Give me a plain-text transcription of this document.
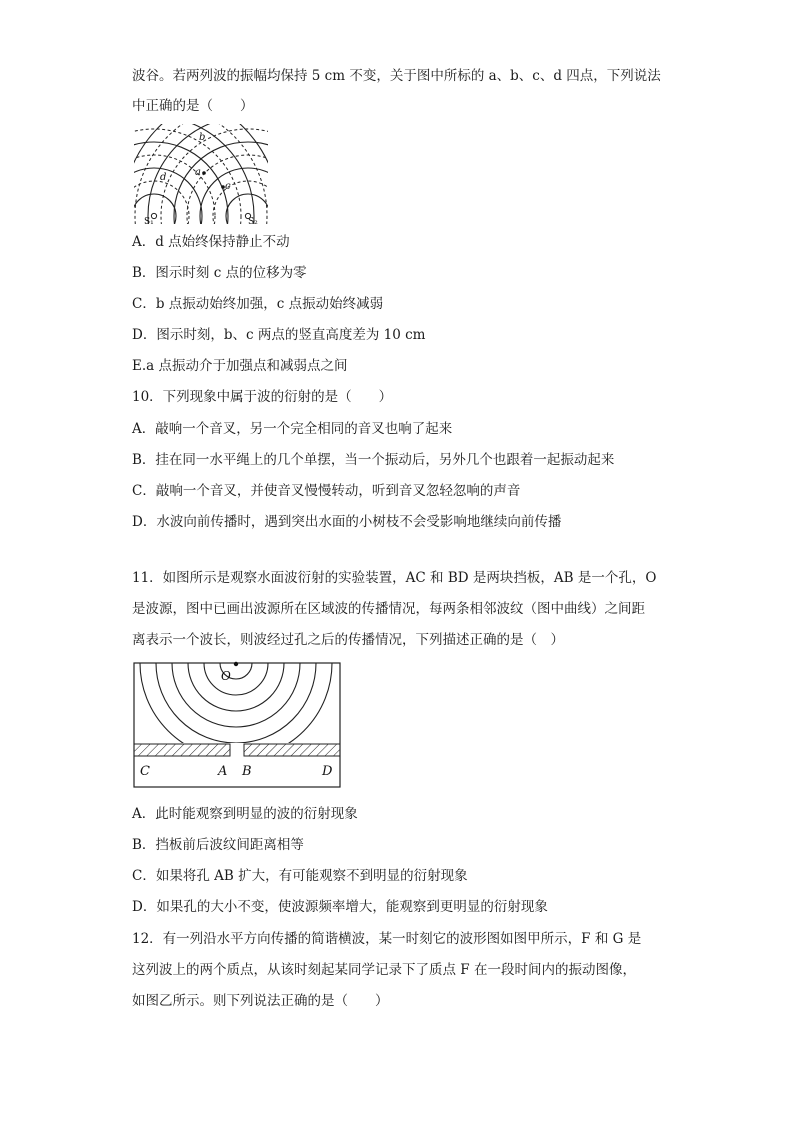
波谷。若两列波的振幅均保持 5 cm 不变，关于图中所标的 a、b、c、d 四点，下列说法
中正确的是（　　）
b
a
c
d
S₁	S₂
A．d 点始终保持静止不动
B．图示时刻 c 点的位移为零
C．b 点振动始终加强，c 点振动始终减弱
D．图示时刻，b、c 两点的竖直高度差为 10 cm
E.a 点振动介于加强点和减弱点之间
10．下列现象中属于波的衍射的是（　　）
A．敲响一个音叉，另一个完全相同的音叉也响了起来
B．挂在同一水平绳上的几个单摆，当一个振动后，另外几个也跟着一起振动起来
C．敲响一个音叉，并使音叉慢慢转动，听到音叉忽轻忽响的声音
D．水波向前传播时，遇到突出水面的小树枝不会受影响地继续向前传播
11．如图所示是观察水面波衍射的实验装置，AC 和 BD 是两块挡板，AB 是一个孔，O
是波源，图中已画出波源所在区域波的传播情况，每两条相邻波纹（图中曲线）之间距
离表示一个波长，则波经过孔之后的传播情况，下列描述正确的是（　）
O
C	A B	D
A．此时能观察到明显的波的衍射现象
B．挡板前后波纹间距离相等
C．如果将孔 AB 扩大，有可能观察不到明显的衍射现象
D．如果孔的大小不变，使波源频率增大，能观察到更明显的衍射现象
12．有一列沿水平方向传播的简谐横波，某一时刻它的波形图如图甲所示，F 和 G 是
这列波上的两个质点，从该时刻起某同学记录下了质点 F 在一段时间内的振动图像，
如图乙所示。则下列说法正确的是（　　）
